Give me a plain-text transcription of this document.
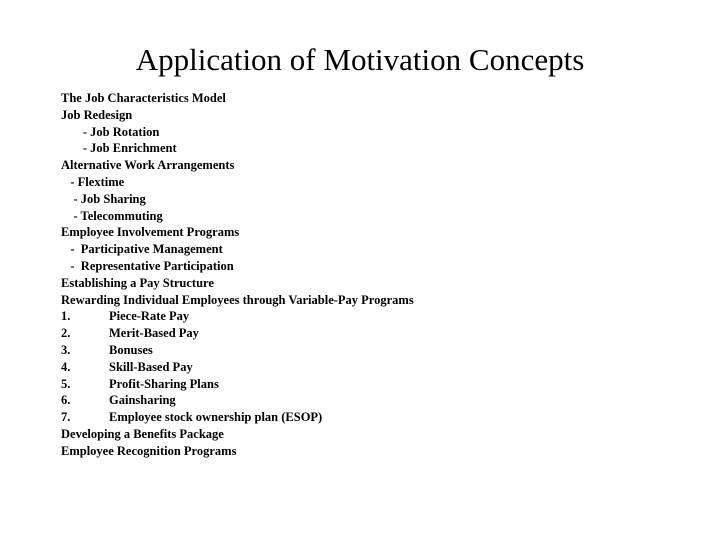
Application of Motivation Concepts
The Job Characteristics Model
Job Redesign
- Job Rotation
- Job Enrichment
Alternative Work Arrangements
- Flextime
- Job Sharing
- Telecommuting
Employee Involvement Programs
-  Participative Management
-  Representative Participation
Establishing a Pay Structure
Rewarding Individual Employees through Variable-Pay Programs
1.	Piece-Rate Pay
2.	Merit-Based Pay
3.	Bonuses
4.	Skill-Based Pay
5.	Profit-Sharing Plans
6.	Gainsharing
7.	Employee stock ownership plan (ESOP)
Developing a Benefits Package
Employee Recognition Programs
